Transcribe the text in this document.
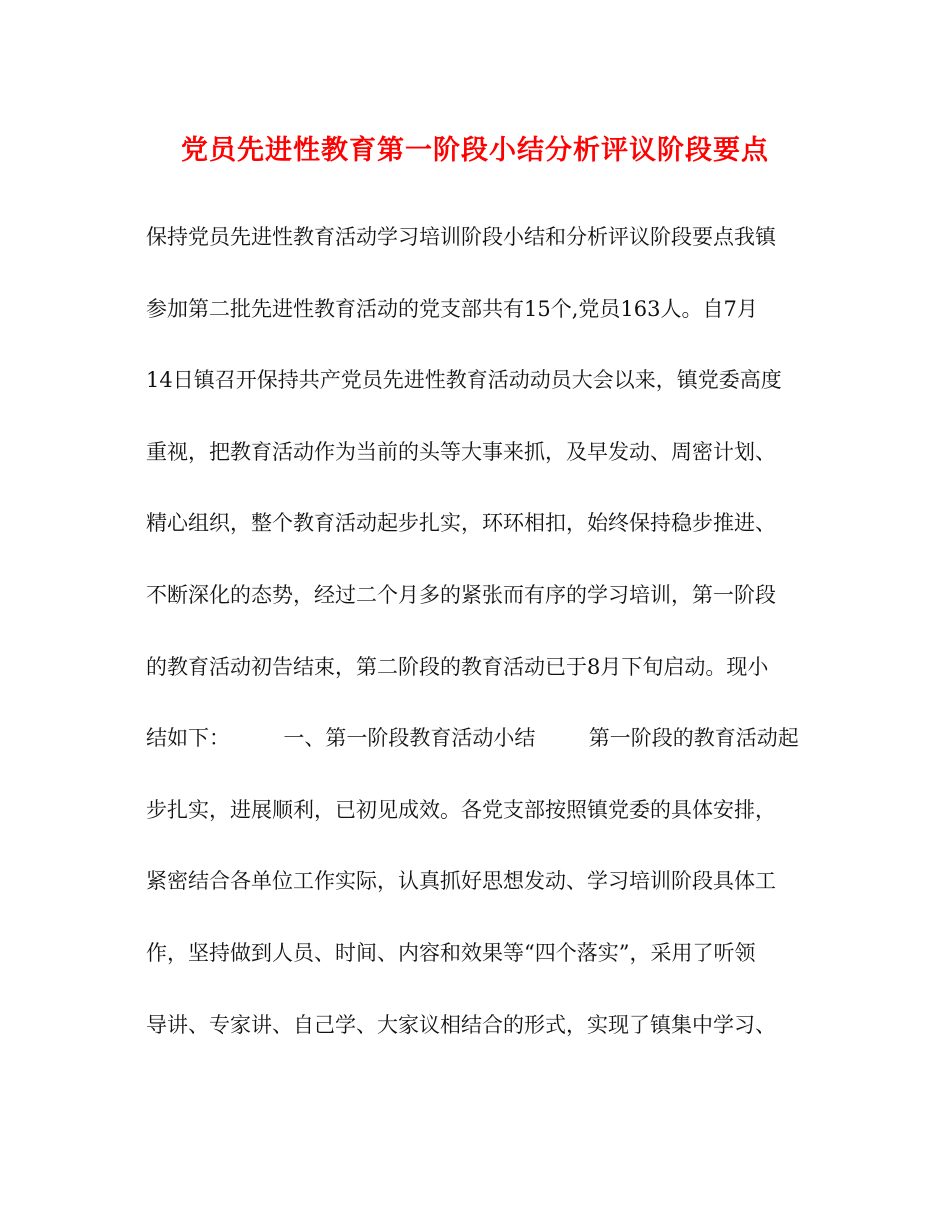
党员先进性教育第一阶段小结分析评议阶段要点
保持党员先进性教育活动学习培训阶段小结和分析评议阶段要点我镇
参加第二批先进性教育活动的党支部共有15个,党员163人。自7月
14日镇召开保持共产党员先进性教育活动动员大会以来，镇党委高度
重视，把教育活动作为当前的头等大事来抓，及早发动、周密计划、
精心组织，整个教育活动起步扎实，环环相扣，始终保持稳步推进、
不断深化的态势，经过二个月多的紧张而有序的学习培训，第一阶段
的教育活动初告结束，第二阶段的教育活动已于8月下旬启动。现小
结如下：        一、第一阶段教育活动小结        第一阶段的教育活动起
步扎实，进展顺利，已初见成效。各党支部按照镇党委的具体安排，
紧密结合各单位工作实际，认真抓好思想发动、学习培训阶段具体工
作，坚持做到人员、时间、内容和效果等“四个落实”，采用了听领
导讲、专家讲、自己学、大家议相结合的形式，实现了镇集中学习、
